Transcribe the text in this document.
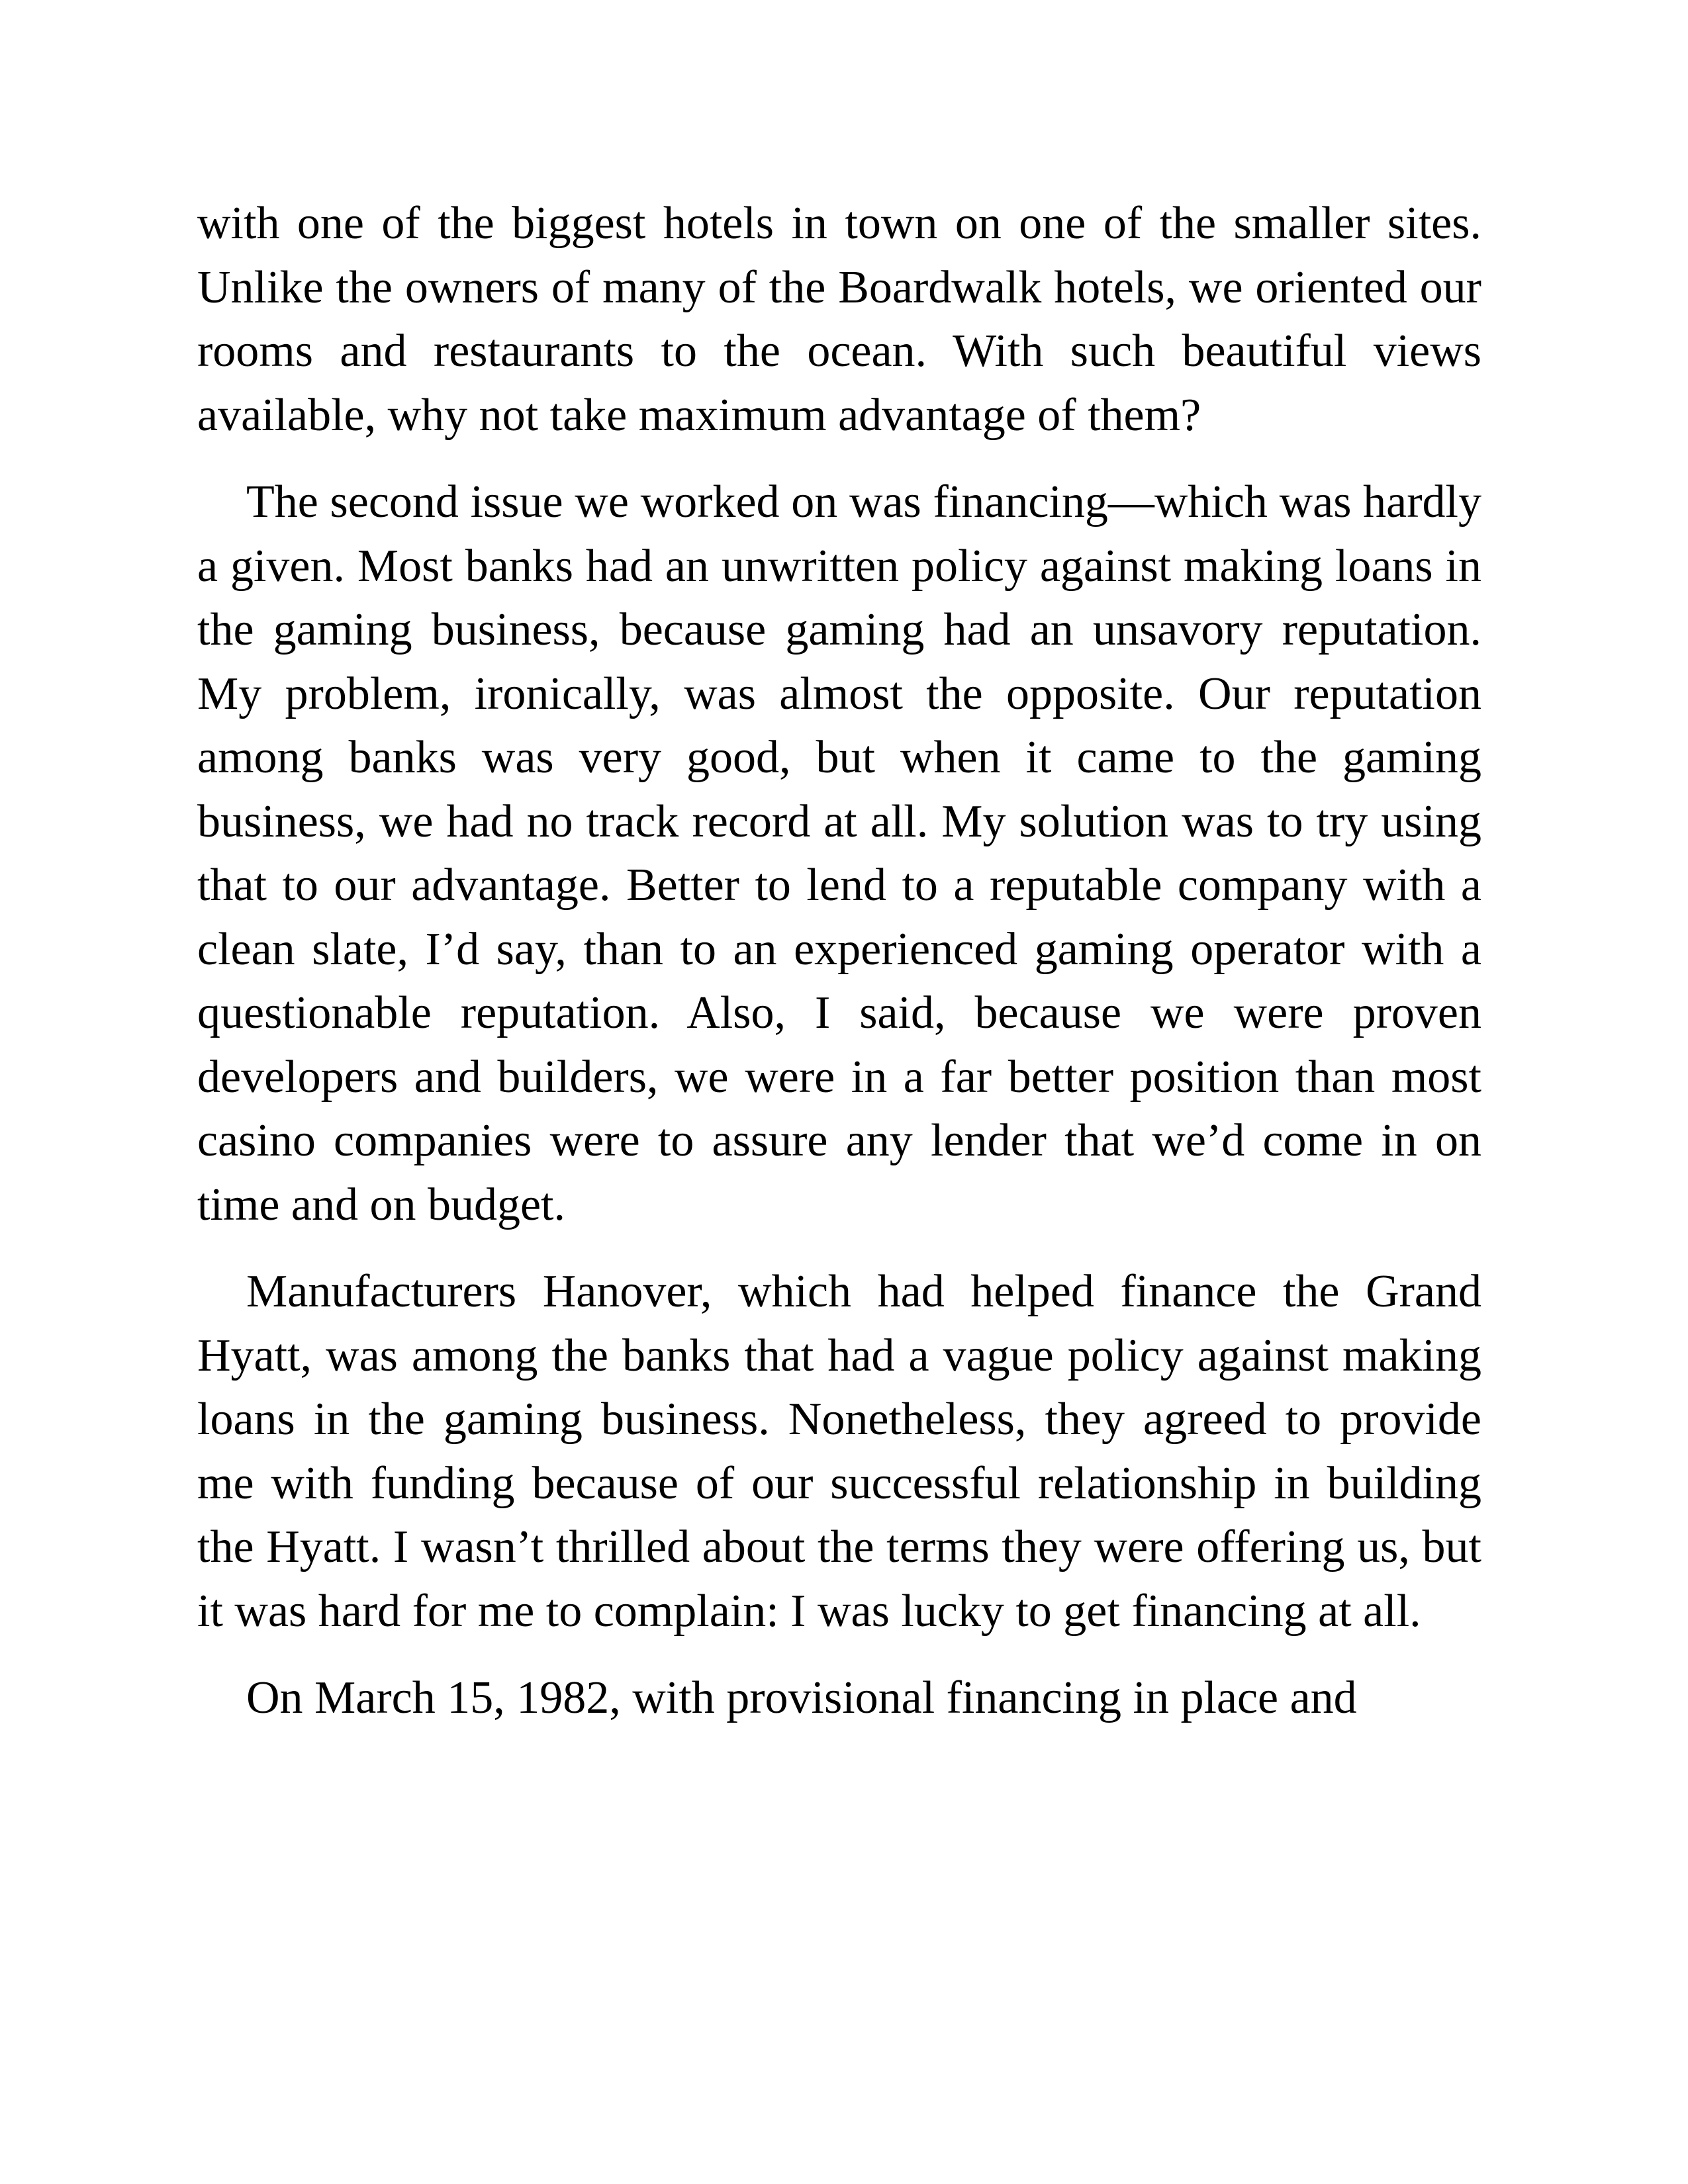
with one of the biggest hotels in town on one of the smaller sites. Unlike the owners of many of the Boardwalk hotels, we oriented our rooms and restaurants to the ocean. With such beautiful views available, why not take maximum advantage of them?

The second issue we worked on was financing—which was hardly a given. Most banks had an unwritten policy against making loans in the gaming business, because gaming had an unsavory reputation. My problem, ironically, was almost the opposite. Our reputation among banks was very good, but when it came to the gaming business, we had no track record at all. My solution was to try using that to our advantage. Better to lend to a reputable company with a clean slate, I’d say, than to an experienced gaming operator with a questionable reputation. Also, I said, because we were proven developers and builders, we were in a far better position than most casino companies were to assure any lender that we’d come in on time and on budget.

Manufacturers Hanover, which had helped finance the Grand Hyatt, was among the banks that had a vague policy against making loans in the gaming business. Nonetheless, they agreed to provide me with funding because of our successful relationship in building the Hyatt. I wasn’t thrilled about the terms they were offering us, but it was hard for me to complain: I was lucky to get financing at all.

On March 15, 1982, with provisional financing in place and
